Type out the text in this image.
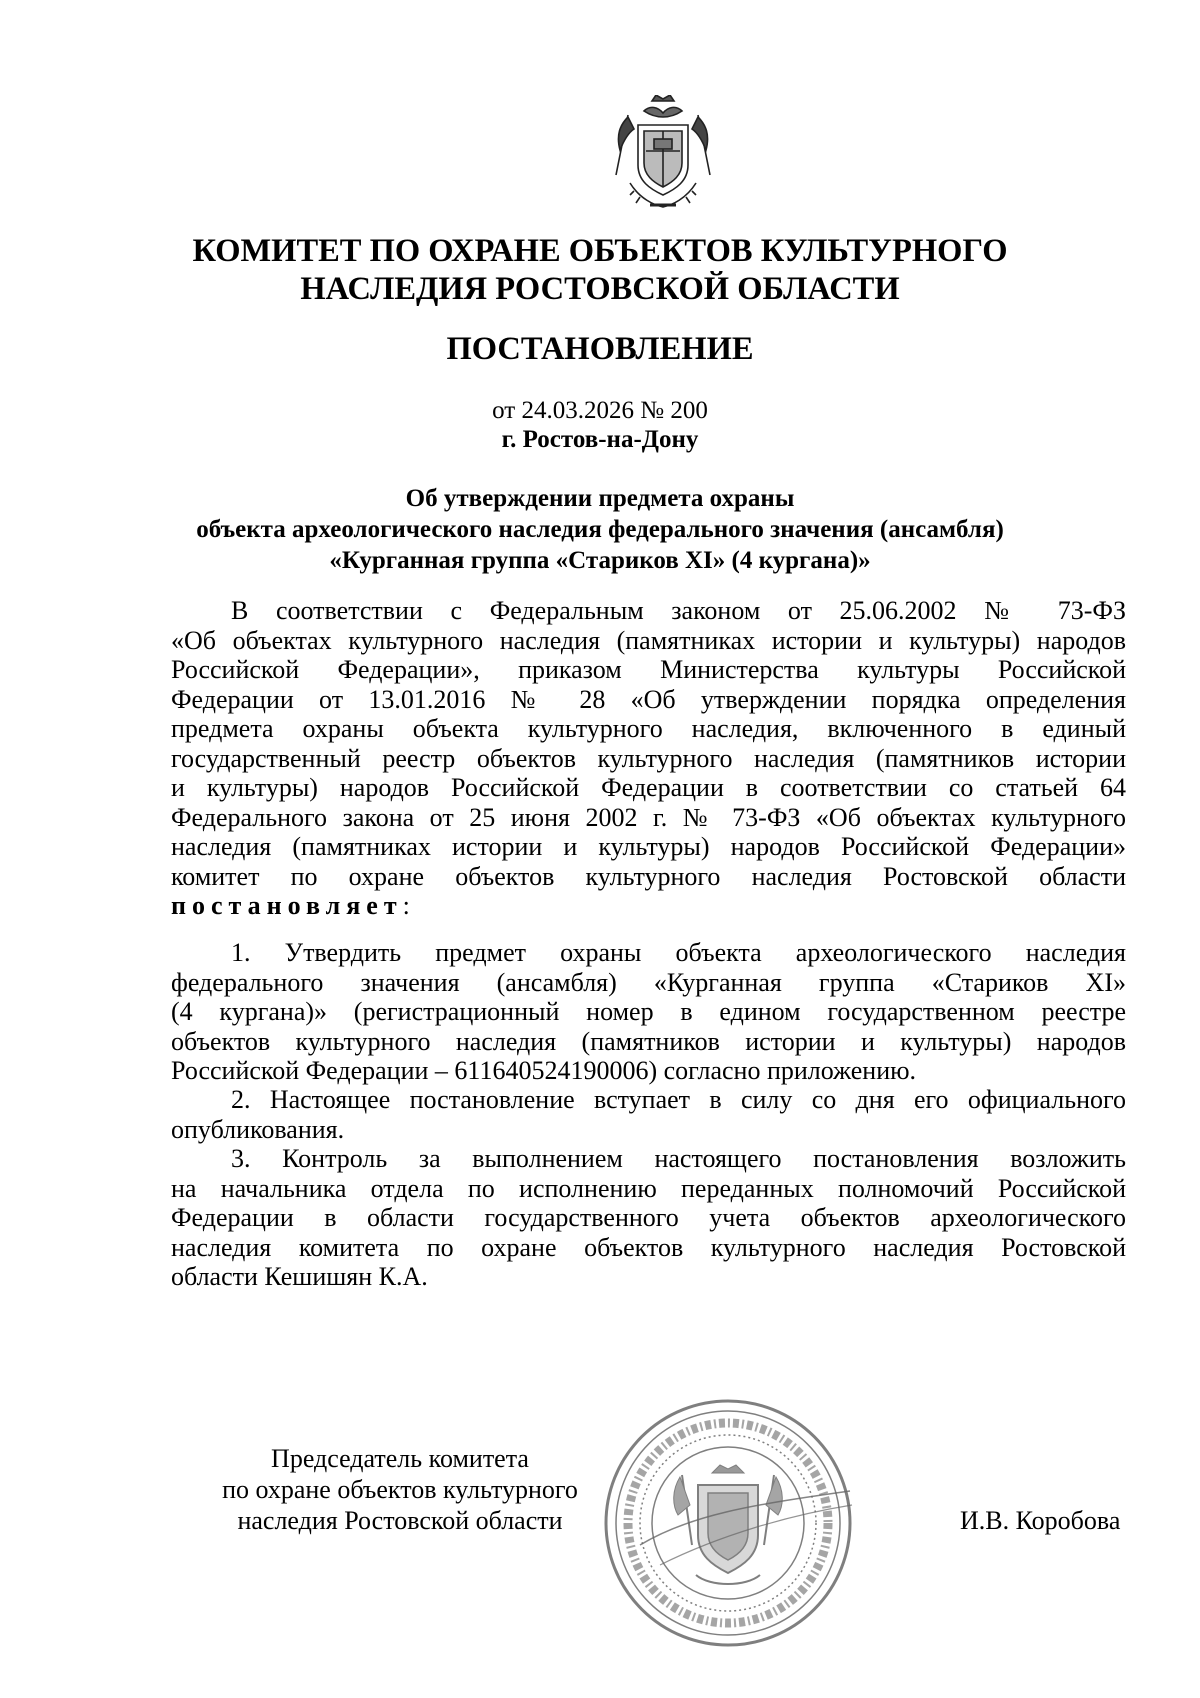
КОМИТЕТ ПО ОХРАНЕ ОБЪЕКТОВ КУЛЬТУРНОГО
НАСЛЕДИЯ РОСТОВСКОЙ ОБЛАСТИ
ПОСТАНОВЛЕНИЕ
от 24.03.2026 № 200
г. Ростов-на-Дону
Об утверждении предмета охраны
объекта археологического наследия федерального значения (ансамбля)
«Курганная группа «Стариков XI» (4 кургана)»
В соответствии с Федеральным законом от 25.06.2002 № 73-ФЗ
«Об объектах культурного наследия (памятниках истории и культуры) народов
Российской Федерации», приказом Министерства культуры Российской
Федерации от 13.01.2016 № 28 «Об утверждении порядка определения
предмета охраны объекта культурного наследия, включенного в единый
государственный реестр объектов культурного наследия (памятников истории
и культуры) народов Российской Федерации в соответствии со статьей 64
Федерального закона от 25 июня 2002 г. № 73-ФЗ «Об объектах культурного
наследия (памятниках истории и культуры) народов Российской Федерации»
комитет по охране объектов культурного наследия Ростовской области
постановляет:
1. Утвердить предмет охраны объекта археологического наследия
федерального значения (ансамбля) «Курганная группа «Стариков XI»
(4 кургана)» (регистрационный номер в едином государственном реестре
объектов культурного наследия (памятников истории и культуры) народов
Российской Федерации – 611640524190006) согласно приложению.
2. Настоящее постановление вступает в силу со дня его официального
опубликования.
3. Контроль за выполнением настоящего постановления возложить
на начальника отдела по исполнению переданных полномочий Российской
Федерации в области государственного учета объектов археологического
наследия комитета по охране объектов культурного наследия Ростовской
области Кешишян К.А.
Председатель комитета
по охране объектов культурного
наследия Ростовской области	И.В. Коробова
